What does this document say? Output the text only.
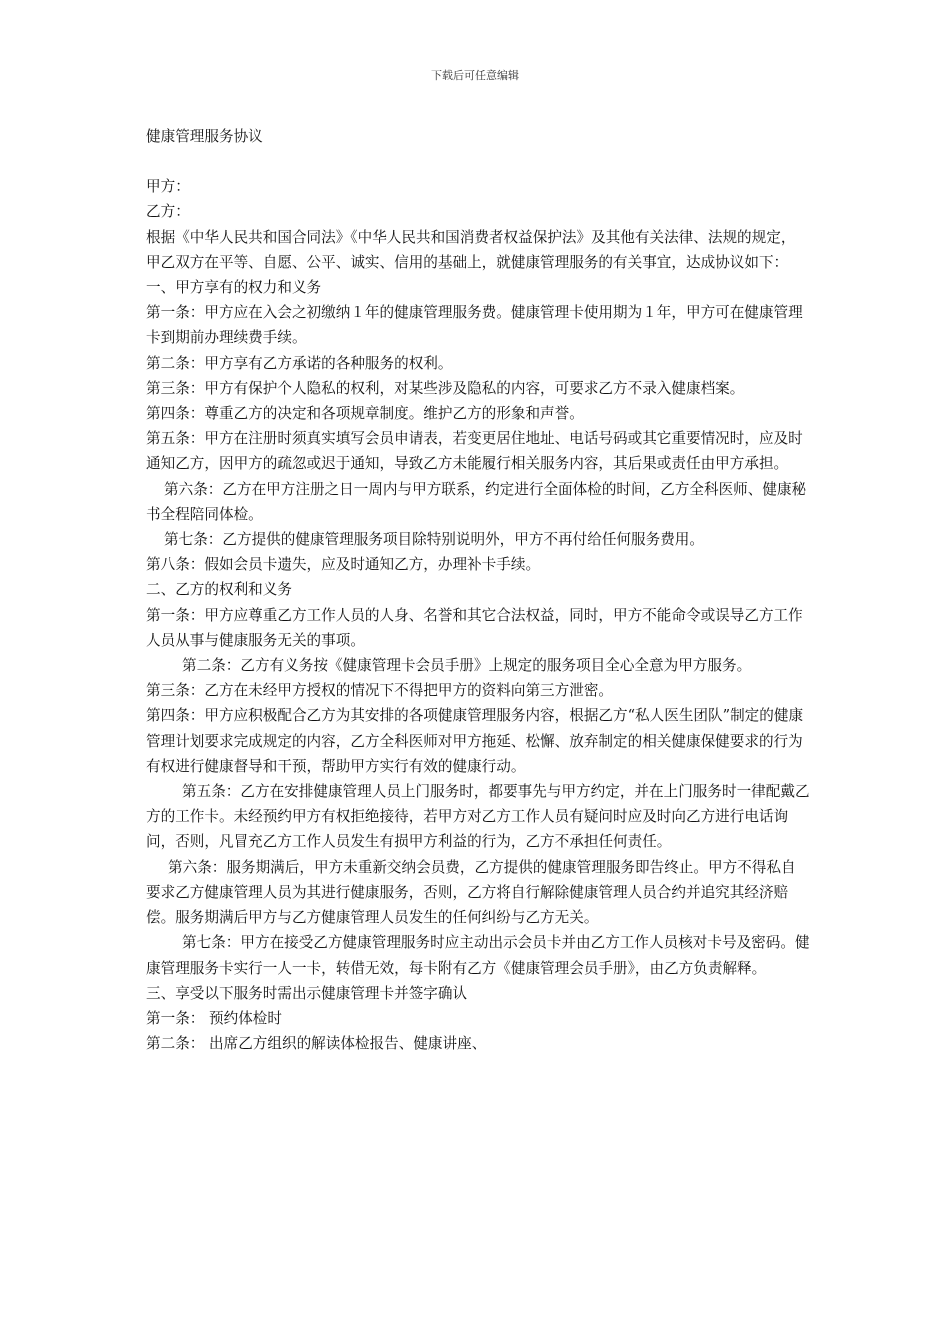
下载后可任意编辑

健康管理服务协议

甲方：

乙方：

根据《中华人民共和国合同法》《中华人民共和国消费者权益保护法》及其他有关法律、法规的规定，甲乙双方在平等、自愿、公平、诚实、信用的基础上，就健康管理服务的有关事宜，达成协议如下：

一、甲方享有的权力和义务

第一条：甲方应在入会之初缴纳１年的健康管理服务费。健康管理卡使用期为１年，甲方可在健康管理卡到期前办理续费手续。

第二条：甲方享有乙方承诺的各种服务的权利。

第三条：甲方有保护个人隐私的权利，对某些涉及隐私的内容，可要求乙方不录入健康档案。

第四条：尊重乙方的决定和各项规章制度。维护乙方的形象和声誉。

第五条：甲方在注册时须真实填写会员申请表，若变更居住地址、电话号码或其它重要情况时，应及时通知乙方，因甲方的疏忽或迟于通知，导致乙方未能履行相关服务内容，其后果或责任由甲方承担。

第六条：乙方在甲方注册之日一周内与甲方联系，约定进行全面体检的时间，乙方全科医师、健康秘书全程陪同体检。

第七条：乙方提供的健康管理服务项目除特别说明外，甲方不再付给任何服务费用。

第八条：假如会员卡遗失，应及时通知乙方，办理补卡手续。

二、乙方的权利和义务

第一条：甲方应尊重乙方工作人员的人身、名誉和其它合法权益，同时，甲方不能命令或误导乙方工作人员从事与健康服务无关的事项。

第二条：乙方有义务按《健康管理卡会员手册》上规定的服务项目全心全意为甲方服务。

第三条：乙方在未经甲方授权的情况下不得把甲方的资料向第三方泄密。

第四条：甲方应积极配合乙方为其安排的各项健康管理服务内容，根据乙方“私人医生团队”制定的健康管理计划要求完成规定的内容，乙方全科医师对甲方拖延、松懈、放弃制定的相关健康保健要求的行为有权进行健康督导和干预，帮助甲方实行有效的健康行动。

第五条：乙方在安排健康管理人员上门服务时，都要事先与甲方约定，并在上门服务时一律配戴乙方的工作卡。未经预约甲方有权拒绝接待，若甲方对乙方工作人员有疑问时应及时向乙方进行电话询问，否则，凡冒充乙方工作人员发生有损甲方利益的行为，乙方不承担任何责任。

第六条：服务期满后，甲方未重新交纳会员费，乙方提供的健康管理服务即告终止。甲方不得私自要求乙方健康管理人员为其进行健康服务，否则，乙方将自行解除健康管理人员合约并追究其经济赔偿。服务期满后甲方与乙方健康管理人员发生的任何纠纷与乙方无关。

第七条：甲方在接受乙方健康管理服务时应主动出示会员卡并由乙方工作人员核对卡号及密码。健康管理服务卡实行一人一卡，转借无效，每卡附有乙方《健康管理会员手册》，由乙方负责解释。

三、享受以下服务时需出示健康管理卡并签字确认

第一条： 预约体检时

第二条： 出席乙方组织的解读体检报告、健康讲座、
